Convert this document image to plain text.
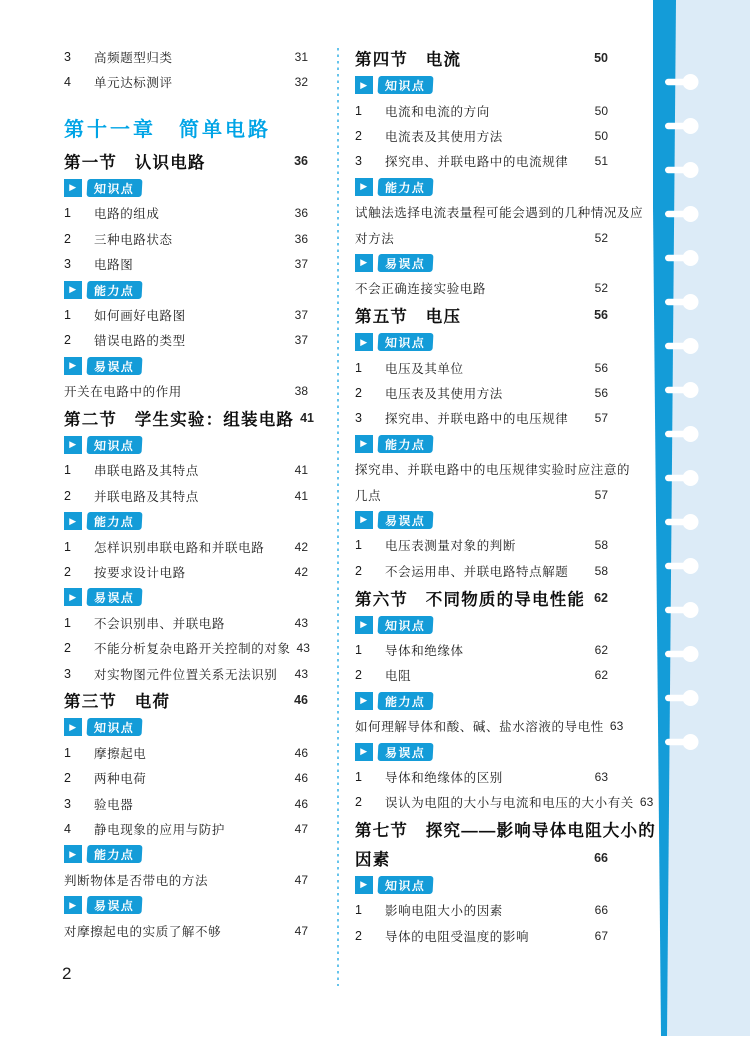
3	高频题型归类	31
4	单元达标测评	32
第十一章　简单电路
第一节　认识电路	36
▶	知识点
1	电路的组成	36
2	三种电路状态	36
3	电路图	37
▶	能力点
1	如何画好电路图	37
2	错误电路的类型	37
▶	易误点
开关在电路中的作用	38
第二节　学生实验：组装电路 41
▶	知识点
1	串联电路及其特点	41
2	并联电路及其特点	41
▶	能力点
1	怎样识别串联电路和并联电路	42
2	按要求设计电路	42
▶	易误点
1	不会识别串、并联电路	43
2	不能分析复杂电路开关控制的对象 43
3	对实物图元件位置关系无法识别	43
第三节　电荷	46
▶	知识点
1	摩擦起电	46
2	两种电荷	46
3	验电器	46
4	静电现象的应用与防护	47
▶	能力点
判断物体是否带电的方法	47
▶	易误点
对摩擦起电的实质了解不够	47
第四节　电流	50
▶	知识点
1	电流和电流的方向	50
2	电流表及其使用方法	50
3	探究串、并联电路中的电流规律	51
▶	能力点
试触法选择电流表量程可能会遇到的几种情况及应
对方法	52
▶	易误点
不会正确连接实验电路	52
第五节　电压	56
▶	知识点
1	电压及其单位	56
2	电压表及其使用方法	56
3	探究串、并联电路中的电压规律	57
▶	能力点
探究串、并联电路中的电压规律实验时应注意的
几点	57
▶	易误点
1	电压表测量对象的判断	58
2	不会运用串、并联电路特点解题	58
第六节　不同物质的导电性能 62
▶	知识点
1	导体和绝缘体	62
2	电阻	62
▶	能力点
如何理解导体和酸、碱、盐水溶液的导电性 63
▶	易误点
1	导体和绝缘体的区别	63
2	误认为电阻的大小与电流和电压的大小有关 63
第七节　探究——影响导体电阻大小的
因素	66
▶	知识点
1	影响电阻大小的因素	66
2	导体的电阻受温度的影响	67
2
